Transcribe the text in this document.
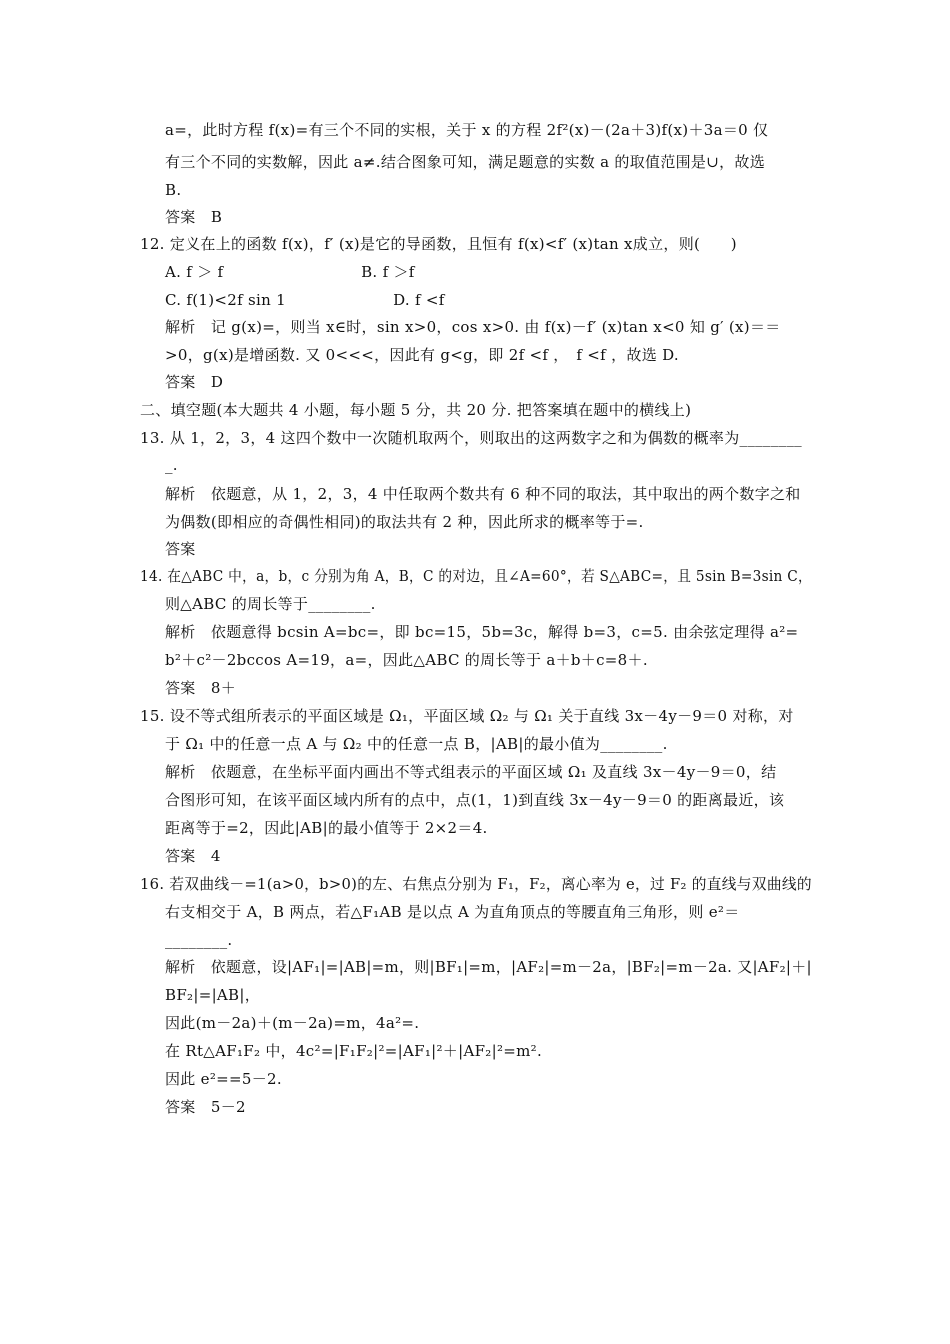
a=，此时方程 f(x)=有三个不同的实根，关于 x 的方程 2f²(x)－(2a＋3)f(x)＋3a＝0 仅
有三个不同的实数解，因此 a≠.结合图象可知，满足题意的实数 a 的取值范围是∪，故选
B.
答案　B
12. 定义在上的函数 f(x)，f′ (x)是它的导函数，且恒有 f(x)<f′ (x)tan x成立，则(　　)
A. f ＞ f　　　　　　　　　B. f ＞f
C. f(1)<2f sin 1　　　　　　　D. f <f
解析　记 g(x)=，则当 x∈时，sin x>0，cos x>0. 由 f(x)－f′ (x)tan x<0 知 g′ (x)＝＝
>0，g(x)是增函数. 又 0<<<，因此有 g<g，即 2f <f ，　f <f ，故选 D.
答案　D
二、填空题(本大题共 4 小题，每小题 5 分，共 20 分. 把答案填在题中的横线上)
13. 从 1，2，3，4 这四个数中一次随机取两个，则取出的这两数字之和为偶数的概率为________
_.
解析　依题意，从 1，2，3，4 中任取两个数共有 6 种不同的取法，其中取出的两个数字之和
为偶数(即相应的奇偶性相同)的取法共有 2 种，因此所求的概率等于=.
答案
14. 在△ABC 中，a，b，c 分别为角 A，B，C 的对边，且∠A=60°，若 S△ABC=，且 5sin B=3sin C，
则△ABC 的周长等于________.
解析　依题意得 bcsin A=bc=，即 bc=15，5b=3c，解得 b=3，c=5. 由余弦定理得 a²=
b²＋c²－2bccos A=19，a=，因此△ABC 的周长等于 a＋b＋c=8＋.
答案　8＋
15. 设不等式组所表示的平面区域是 Ω₁，平面区域 Ω₂ 与 Ω₁ 关于直线 3x－4y－9＝0 对称，对
于 Ω₁ 中的任意一点 A 与 Ω₂ 中的任意一点 B，|AB|的最小值为________.
解析　依题意，在坐标平面内画出不等式组表示的平面区域 Ω₁ 及直线 3x－4y－9＝0，结
合图形可知，在该平面区域内所有的点中，点(1，1)到直线 3x－4y－9＝0 的距离最近，该
距离等于=2，因此|AB|的最小值等于 2×2＝4.
答案　4
16. 若双曲线－=1(a>0，b>0)的左、右焦点分别为 F₁，F₂，离心率为 e，过 F₂ 的直线与双曲线的
右支相交于 A，B 两点，若△F₁AB 是以点 A 为直角顶点的等腰直角三角形，则 e²＝
________.
解析　依题意，设|AF₁|=|AB|=m，则|BF₁|=m，|AF₂|=m－2a，|BF₂|=m－2a. 又|AF₂|＋|
BF₂|=|AB|，
因此(m－2a)＋(m－2a)=m，4a²=.
在 Rt△AF₁F₂ 中，4c²=|F₁F₂|²=|AF₁|²＋|AF₂|²=m².
因此 e²==5－2.
答案　5－2
